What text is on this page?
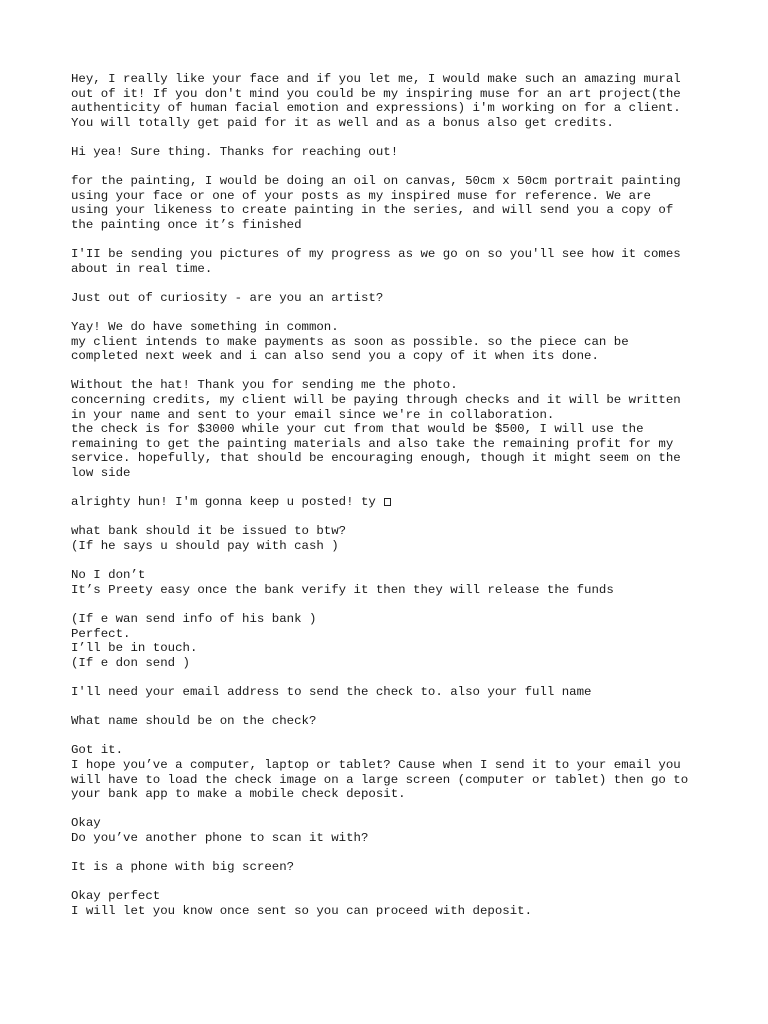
Hey, I really like your face and if you let me, I would make such an amazing mural
out of it! If you don't mind you could be my inspiring muse for an art project(the
authenticity of human facial emotion and expressions) i'm working on for a client.
You will totally get paid for it as well and as a bonus also get credits.
Hi yea! Sure thing. Thanks for reaching out!
for the painting, I would be doing an oil on canvas, 50cm x 50cm portrait painting
using your face or one of your posts as my inspired muse for reference. We are
using your likeness to create painting in the series, and will send you a copy of
the painting once it’s finished
I'II be sending you pictures of my progress as we go on so you'll see how it comes
about in real time.
Just out of curiosity - are you an artist?
Yay! We do have something in common.
my client intends to make payments as soon as possible. so the piece can be
completed next week and i can also send you a copy of it when its done.
Without the hat! Thank you for sending me the photo.
concerning credits, my client will be paying through checks and it will be written
in your name and sent to your email since we're in collaboration.
the check is for $3000 while your cut from that would be $500, I will use the
remaining to get the painting materials and also take the remaining profit for my
service. hopefully, that should be encouraging enough, though it might seem on the
low side
alrighty hun! I'm gonna keep u posted! ty
what bank should it be issued to btw?
(If he says u should pay with cash )
No I don’t
It’s Preety easy once the bank verify it then they will release the funds
(If e wan send info of his bank )
Perfect.
I’ll be in touch.
(If e don send )
I'll need your email address to send the check to. also your full name
What name should be on the check?
Got it.
I hope you’ve a computer, laptop or tablet? Cause when I send it to your email you
will have to load the check image on a large screen (computer or tablet) then go to
your bank app to make a mobile check deposit.
Okay
Do you’ve another phone to scan it with?
It is a phone with big screen?
Okay perfect
I will let you know once sent so you can proceed with deposit.
